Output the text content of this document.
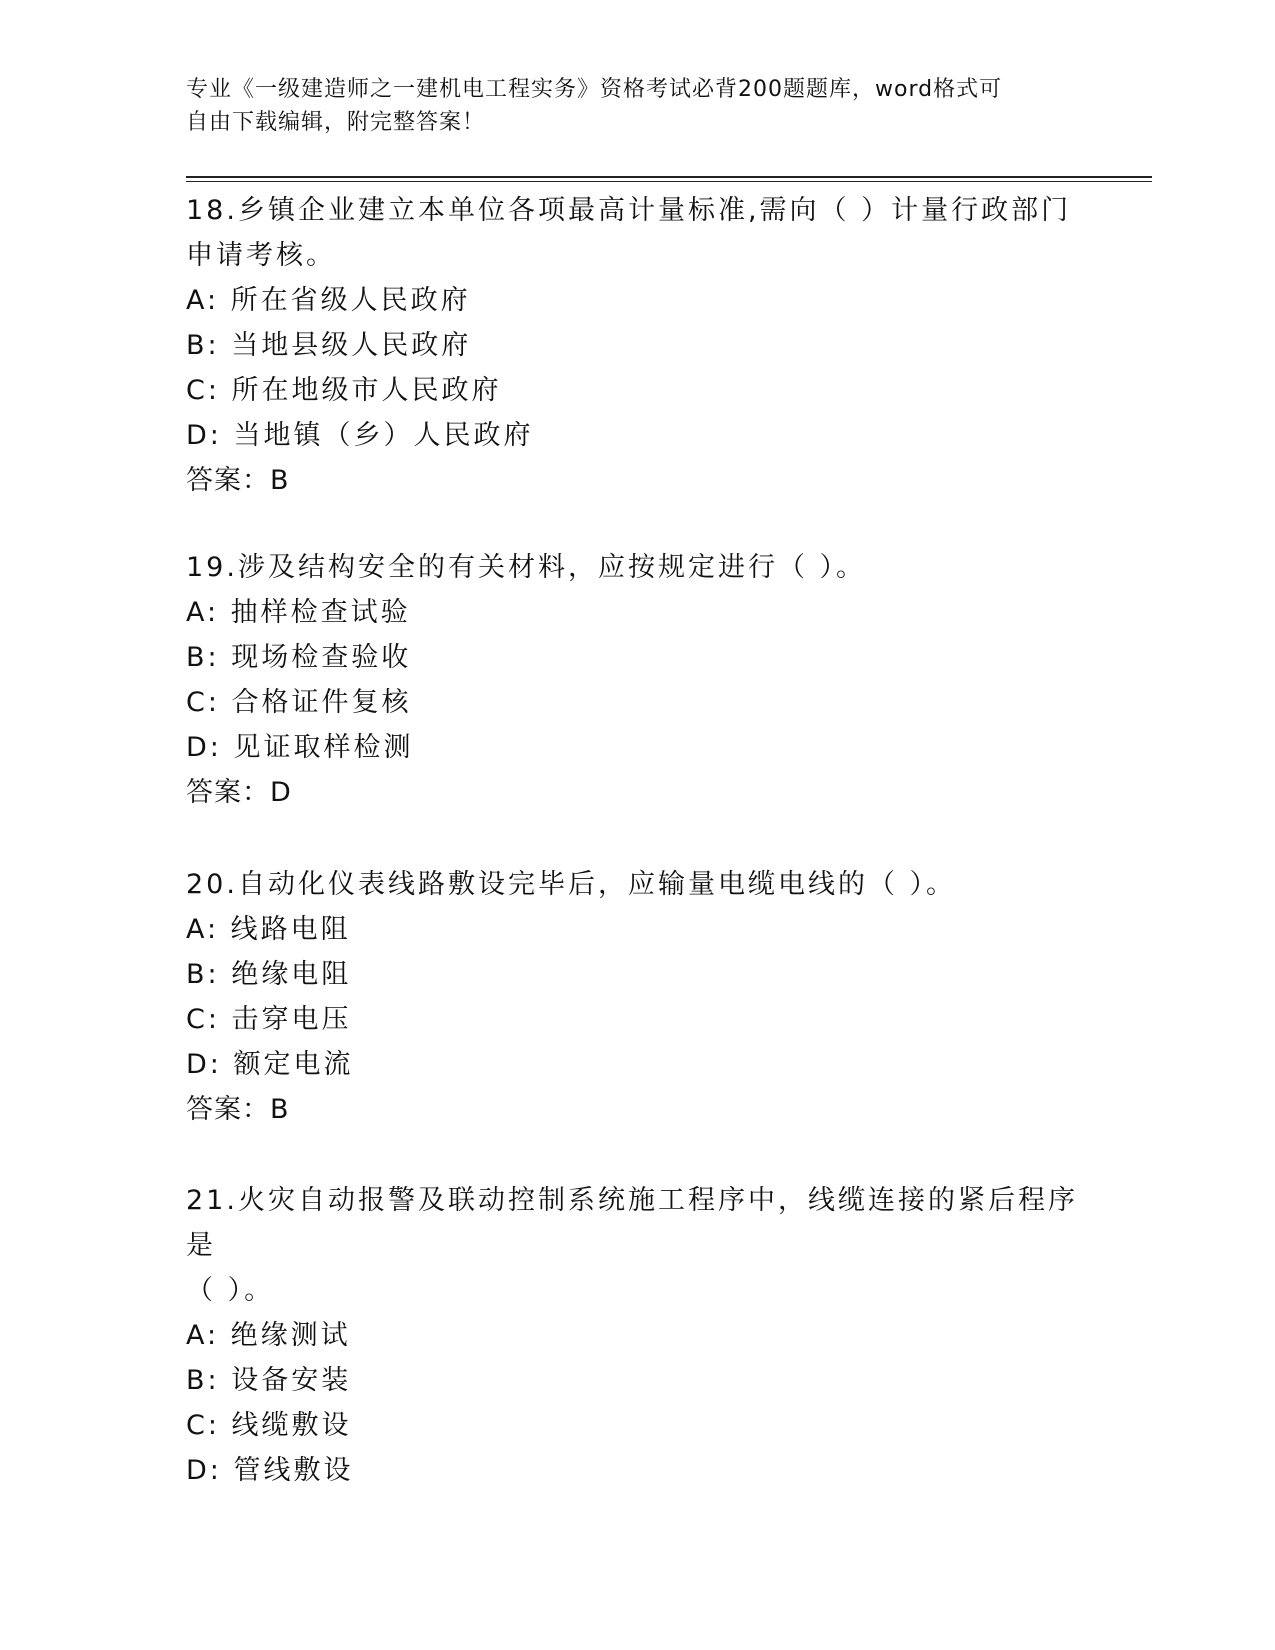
专业《一级建造师之一建机电工程实务》资格考试必背200题题库，word格式可
自由下载编辑，附完整答案！

18.乡镇企业建立本单位各项最高计量标准,需向（ ）计量行政部门

申请考核。

A: 所在省级人民政府

B: 当地县级人民政府

C: 所在地级市人民政府

D: 当地镇（乡）人民政府

答案：B

19.涉及结构安全的有关材料，应按规定进行（ ）。

A: 抽样检查试验

B: 现场检查验收

C: 合格证件复核

D: 见证取样检测

答案：D

20.自动化仪表线路敷设完毕后，应输量电缆电线的（ ）。

A: 线路电阻

B: 绝缘电阻

C: 击穿电压

D: 额定电流

答案：B

21.火灾自动报警及联动控制系统施工程序中，线缆连接的紧后程序是

（ ）。

A: 绝缘测试

B: 设备安装

C: 线缆敷设

D: 管线敷设
